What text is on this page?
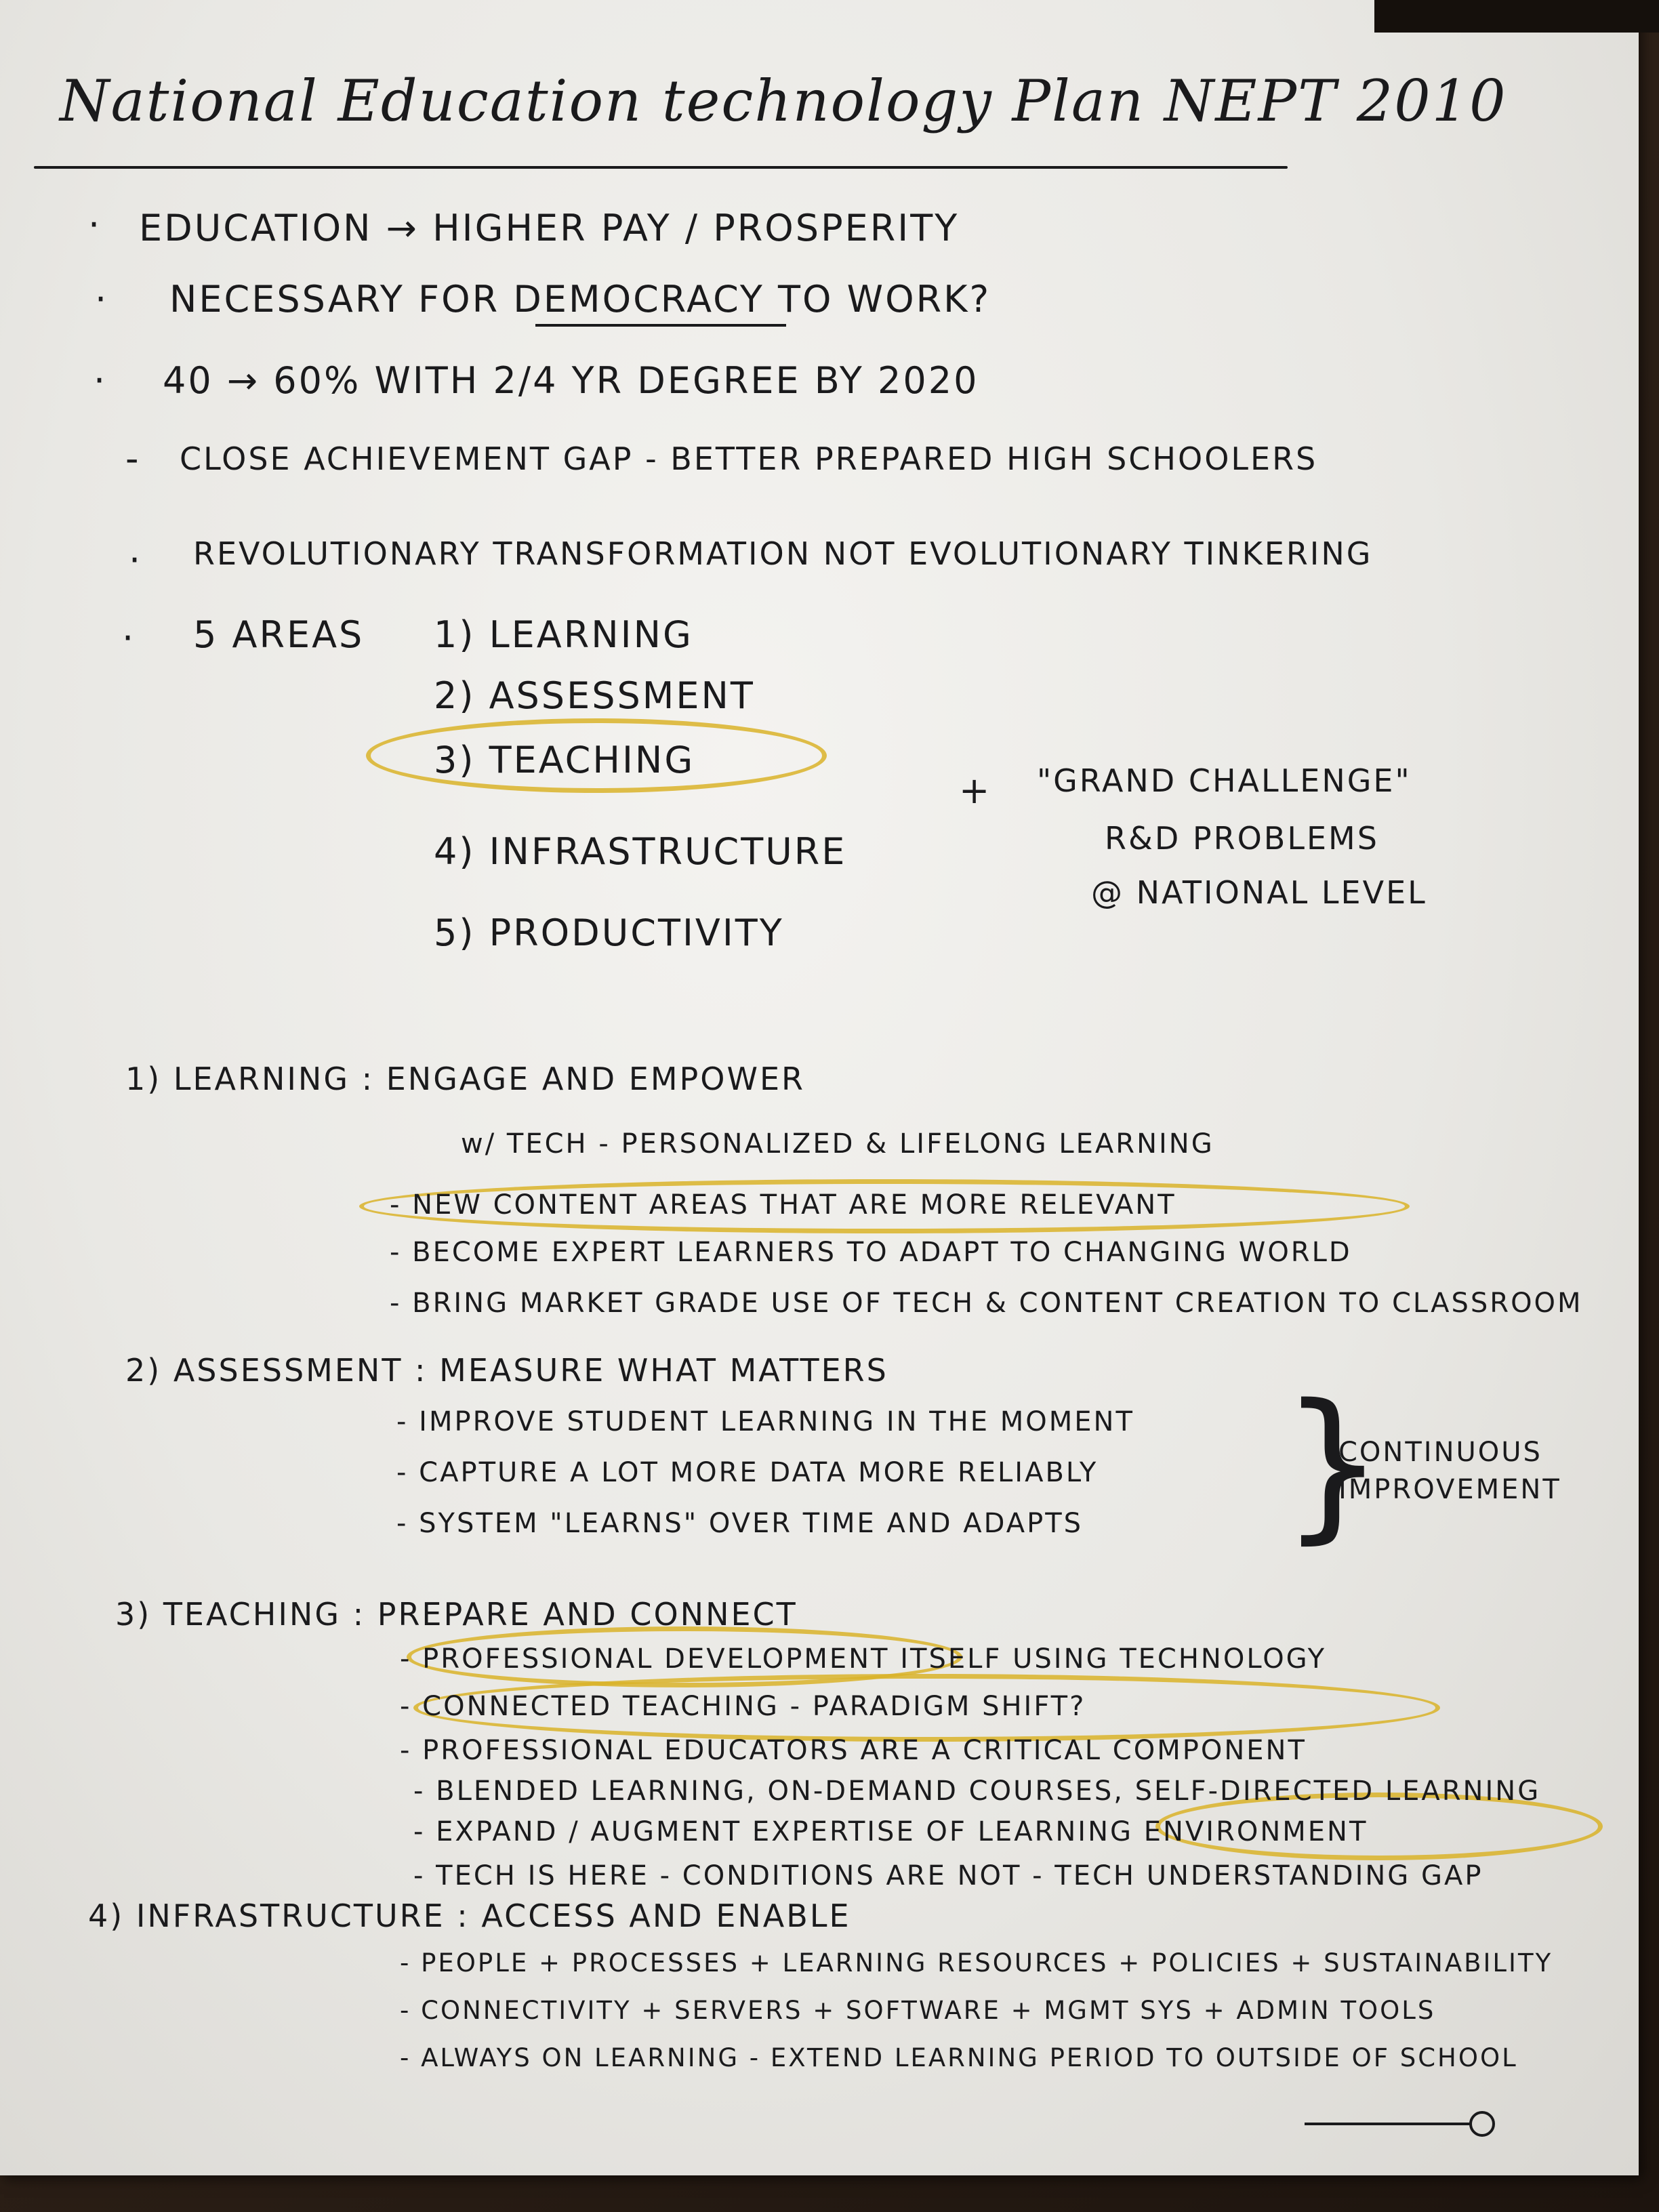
National Education technology Plan NEPT 2010
· EDUCATION → HIGHER PAY / PROSPERITY
· NECESSARY FOR DEMOCRACY TO WORK?
· 40 → 60% WITH 2/4 YR DEGREE BY 2020
- CLOSE ACHIEVEMENT GAP - BETTER PREPARED HIGH SCHOOLERS
· REVOLUTIONARY TRANSFORMATION NOT EVOLUTIONARY TINKERING
· 5 AREAS 1) LEARNING
2) ASSESSMENT
3) TEACHING
4) INFRASTRUCTURE
5) PRODUCTIVITY
+ "GRAND CHALLENGE"
R&D PROBLEMS
@ NATIONAL LEVEL
1) LEARNING : ENGAGE AND EMPOWER
w/ TECH - PERSONALIZED & LIFELONG LEARNING
- NEW CONTENT AREAS THAT ARE MORE RELEVANT
- BECOME EXPERT LEARNERS TO ADAPT TO CHANGING WORLD
- BRING MARKET GRADE USE OF TECH & CONTENT CREATION TO CLASSROOM
2) ASSESSMENT : MEASURE WHAT MATTERS
- IMPROVE STUDENT LEARNING IN THE MOMENT
- CAPTURE A LOT MORE DATA MORE RELIABLY
- SYSTEM "LEARNS" OVER TIME AND ADAPTS }
CONTINUOUS
IMPROVEMENT
3) TEACHING : PREPARE AND CONNECT
- PROFESSIONAL DEVELOPMENT ITSELF USING TECHNOLOGY
- CONNECTED TEACHING - PARADIGM SHIFT?
- PROFESSIONAL EDUCATORS ARE A CRITICAL COMPONENT
- BLENDED LEARNING, ON-DEMAND COURSES, SELF-DIRECTED LEARNING
- EXPAND / AUGMENT EXPERTISE OF LEARNING ENVIRONMENT
- TECH IS HERE - CONDITIONS ARE NOT - TECH UNDERSTANDING GAP
4) INFRASTRUCTURE : ACCESS AND ENABLE
- PEOPLE + PROCESSES + LEARNING RESOURCES + POLICIES + SUSTAINABILITY
- CONNECTIVITY + SERVERS + SOFTWARE + MGMT SYS + ADMIN TOOLS
- ALWAYS ON LEARNING - EXTEND LEARNING PERIOD TO OUTSIDE OF SCHOOL
